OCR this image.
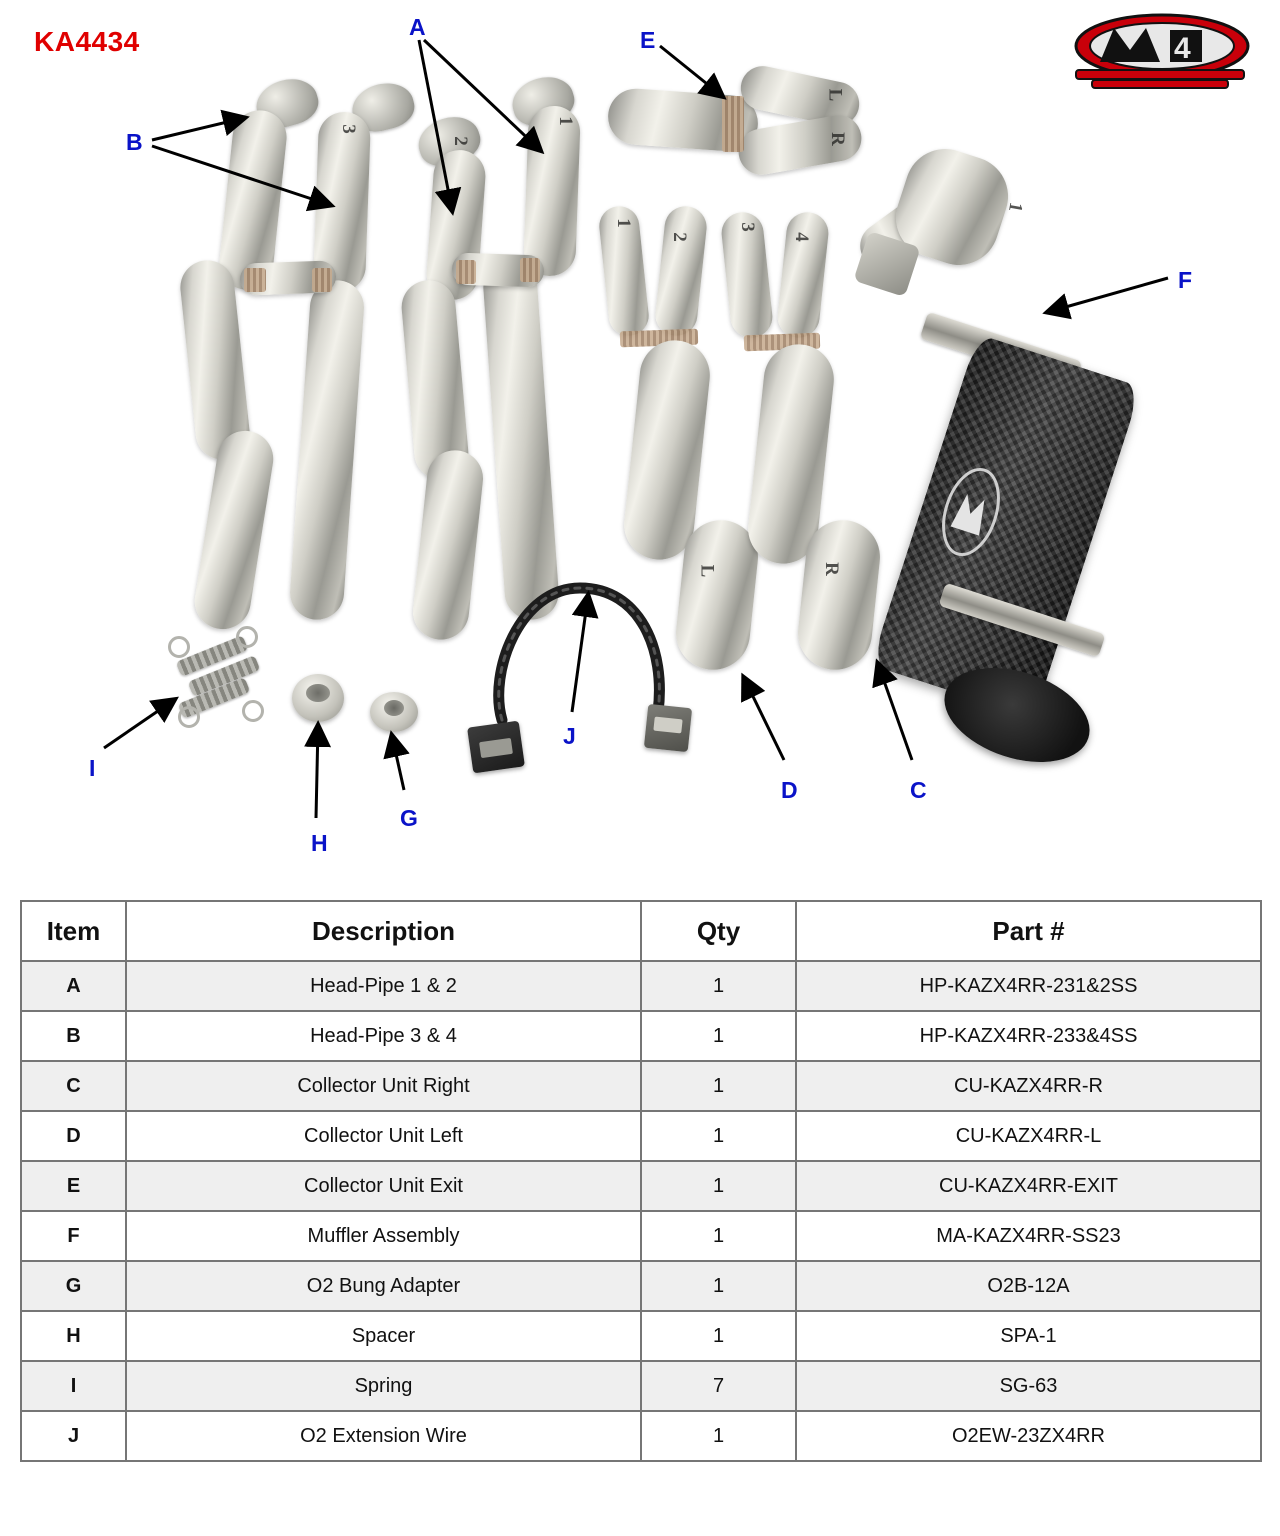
KA4434	4
3
2
1
L
R
1
2
L
3
4
R
1
A
B
E
F
I
H
G
J
D	C
Item	Description	Qty	Part #
A	Head-Pipe 1 & 2	1	HP-KAZX4RR-231&2SS
B	Head-Pipe 3 & 4	1	HP-KAZX4RR-233&4SS
C	Collector Unit Right	1	CU-KAZX4RR-R
D	Collector Unit Left	1	CU-KAZX4RR-L
E	Collector Unit Exit	1	CU-KAZX4RR-EXIT
F	Muffler Assembly	1	MA-KAZX4RR-SS23
G	O2 Bung Adapter	1	O2B-12A
H	Spacer	1	SPA-1
I	Spring	7	SG-63
J	O2 Extension Wire	1	O2EW-23ZX4RR
